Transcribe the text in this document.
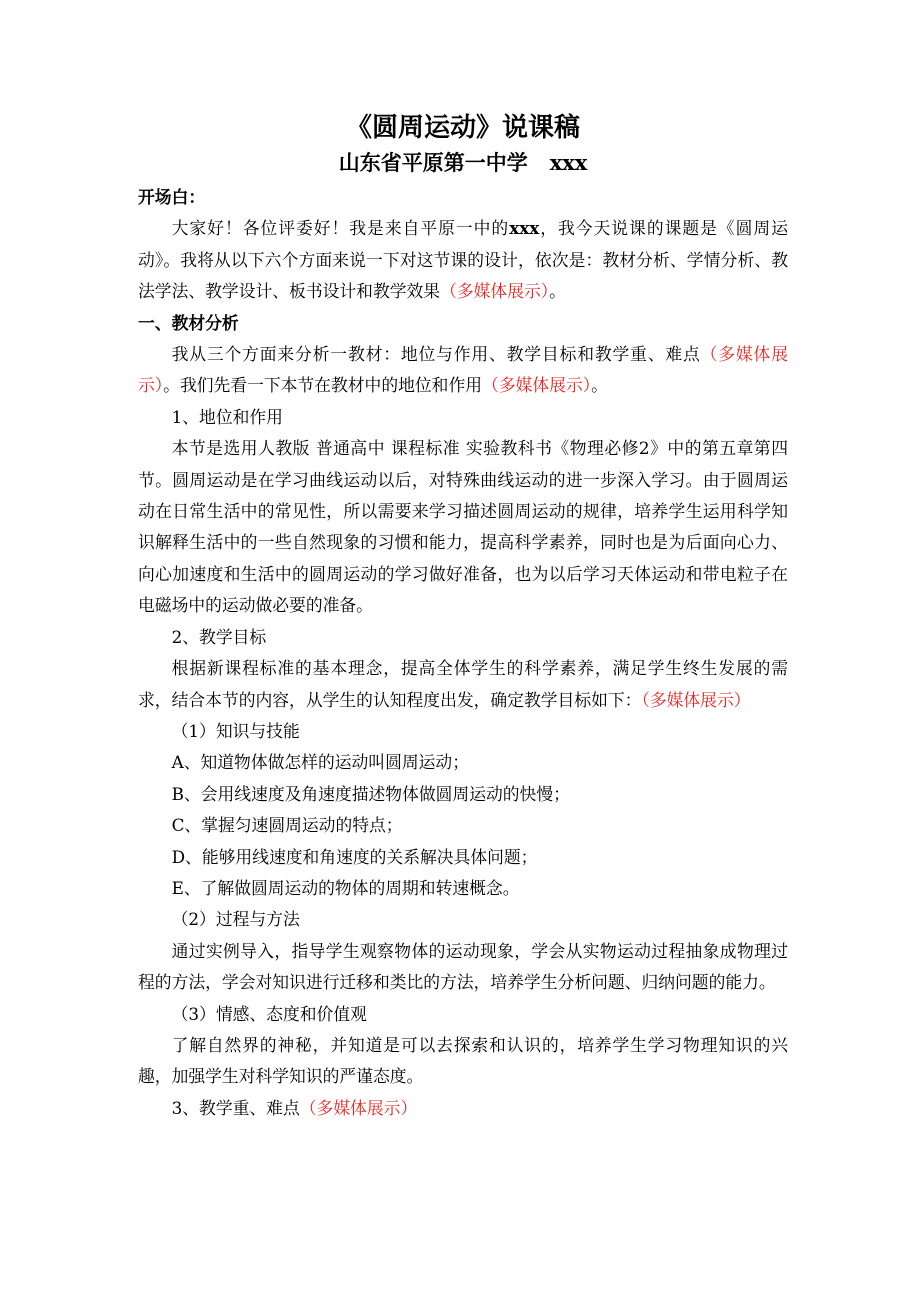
《圆周运动》说课稿
山东省平原第一中学 xxx

开场白：

大家好！各位评委好！我是来自平原一中的xxx，我今天说课的课题是《圆周运动》。我将从以下六个方面来说一下对这节课的设计，依次是：教材分析、学情分析、教法学法、教学设计、板书设计和教学效果（多媒体展示）。

一、教材分析

我从三个方面来分析一教材：地位与作用、教学目标和教学重、难点（多媒体展示）。我们先看一下本节在教材中的地位和作用（多媒体展示）。

1、地位和作用

本节是选用人教版 普通高中 课程标准 实验教科书《物理必修2》中的第五章第四节。圆周运动是在学习曲线运动以后，对特殊曲线运动的进一步深入学习。由于圆周运动在日常生活中的常见性，所以需要来学习描述圆周运动的规律，培养学生运用科学知识解释生活中的一些自然现象的习惯和能力，提高科学素养，同时也是为后面向心力、向心加速度和生活中的圆周运动的学习做好准备，也为以后学习天体运动和带电粒子在电磁场中的运动做必要的准备。

2、教学目标

根据新课程标准的基本理念，提高全体学生的科学素养，满足学生终生发展的需求，结合本节的内容，从学生的认知程度出发，确定教学目标如下：（多媒体展示）

（1）知识与技能

A、知道物体做怎样的运动叫圆周运动；

B、会用线速度及角速度描述物体做圆周运动的快慢；

C、掌握匀速圆周运动的特点；

D、能够用线速度和角速度的关系解决具体问题；

E、了解做圆周运动的物体的周期和转速概念。

（2）过程与方法

通过实例导入，指导学生观察物体的运动现象，学会从实物运动过程抽象成物理过程的方法，学会对知识进行迁移和类比的方法，培养学生分析问题、归纳问题的能力。

（3）情感、态度和价值观

了解自然界的神秘，并知道是可以去探索和认识的，培养学生学习物理知识的兴趣，加强学生对科学知识的严谨态度。

3、教学重、难点（多媒体展示）
